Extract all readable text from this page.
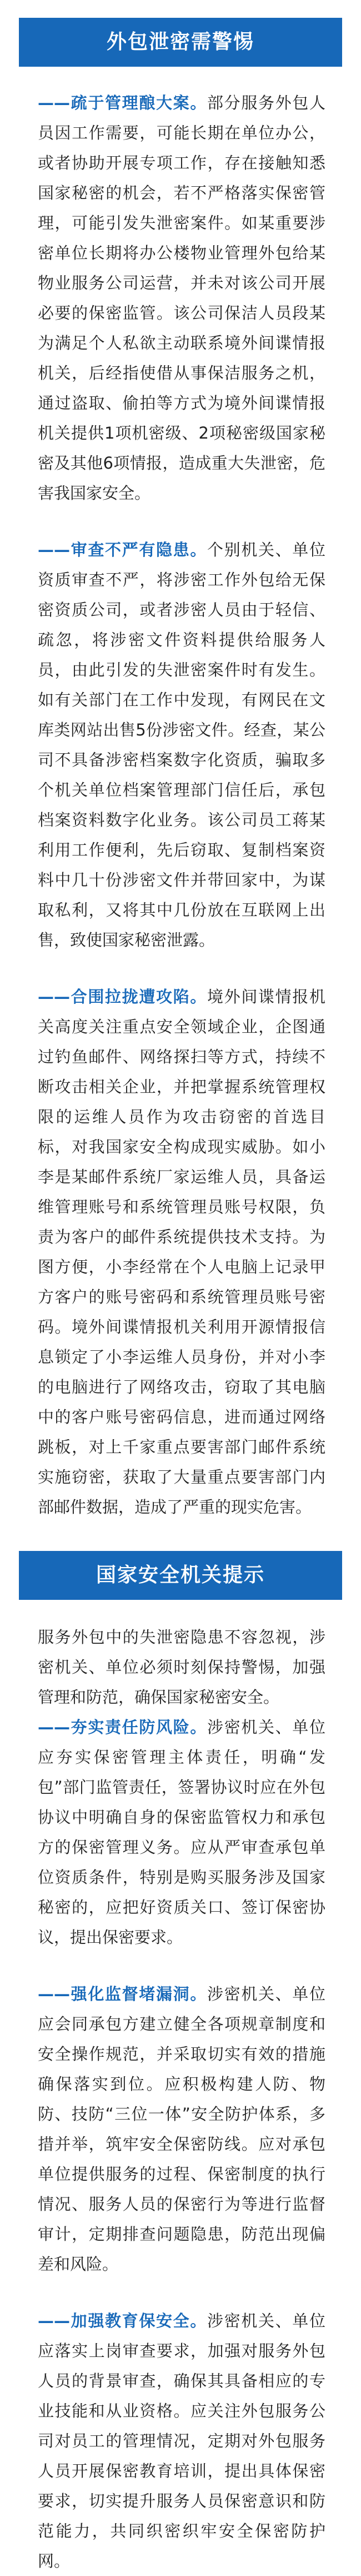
外包泄密需警惕

——疏于管理酿大案。部分服务外包人员因工作需要，可能长期在单位办公，或者协助开展专项工作，存在接触知悉国家秘密的机会，若不严格落实保密管理，可能引发失泄密案件。如某重要涉密单位长期将办公楼物业管理外包给某物业服务公司运营，并未对该公司开展必要的保密监管。该公司保洁人员段某为满足个人私欲主动联系境外间谍情报机关，后经指使借从事保洁服务之机，通过盗取、偷拍等方式为境外间谍情报机关提供1项机密级、2项秘密级国家秘密及其他6项情报，造成重大失泄密，危害我国家安全。

——审查不严有隐患。个别机关、单位资质审查不严，将涉密工作外包给无保密资质公司，或者涉密人员由于轻信、疏忽，将涉密文件资料提供给服务人员，由此引发的失泄密案件时有发生。如有关部门在工作中发现，有网民在文库类网站出售5份涉密文件。经查，某公司不具备涉密档案数字化资质，骗取多个机关单位档案管理部门信任后，承包档案资料数字化业务。该公司员工蒋某利用工作便利，先后窃取、复制档案资料中几十份涉密文件并带回家中，为谋取私利，又将其中几份放在互联网上出售，致使国家秘密泄露。

——合围拉拢遭攻陷。境外间谍情报机关高度关注重点安全领域企业，企图通过钓鱼邮件、网络探扫等方式，持续不断攻击相关企业，并把掌握系统管理权限的运维人员作为攻击窃密的首选目标，对我国家安全构成现实威胁。如小李是某邮件系统厂家运维人员，具备运维管理账号和系统管理员账号权限，负责为客户的邮件系统提供技术支持。为图方便，小李经常在个人电脑上记录甲方客户的账号密码和系统管理员账号密码。境外间谍情报机关利用开源情报信息锁定了小李运维人员身份，并对小李的电脑进行了网络攻击，窃取了其电脑中的客户账号密码信息，进而通过网络跳板，对上千家重点要害部门邮件系统实施窃密，获取了大量重点要害部门内部邮件数据，造成了严重的现实危害。

国家安全机关提示

服务外包中的失泄密隐患不容忽视，涉密机关、单位必须时刻保持警惕，加强管理和防范，确保国家秘密安全。

——夯实责任防风险。涉密机关、单位应夯实保密管理主体责任，明确“发包”部门监管责任，签署协议时应在外包协议中明确自身的保密监管权力和承包方的保密管理义务。应从严审查承包单位资质条件，特别是购买服务涉及国家秘密的，应把好资质关口、签订保密协议，提出保密要求。

——强化监督堵漏洞。涉密机关、单位应会同承包方建立健全各项规章制度和安全操作规范，并采取切实有效的措施确保落实到位。应积极构建人防、物防、技防“三位一体”安全防护体系，多措并举，筑牢安全保密防线。应对承包单位提供服务的过程、保密制度的执行情况、服务人员的保密行为等进行监督审计，定期排查问题隐患，防范出现偏差和风险。

——加强教育保安全。涉密机关、单位应落实上岗审查要求，加强对服务外包人员的背景审查，确保其具备相应的专业技能和从业资格。应关注外包服务公司对员工的管理情况，定期对外包服务人员开展保密教育培训，提出具体保密要求，切实提升服务人员保密意识和防范能力，共同织密织牢安全保密防护网。
